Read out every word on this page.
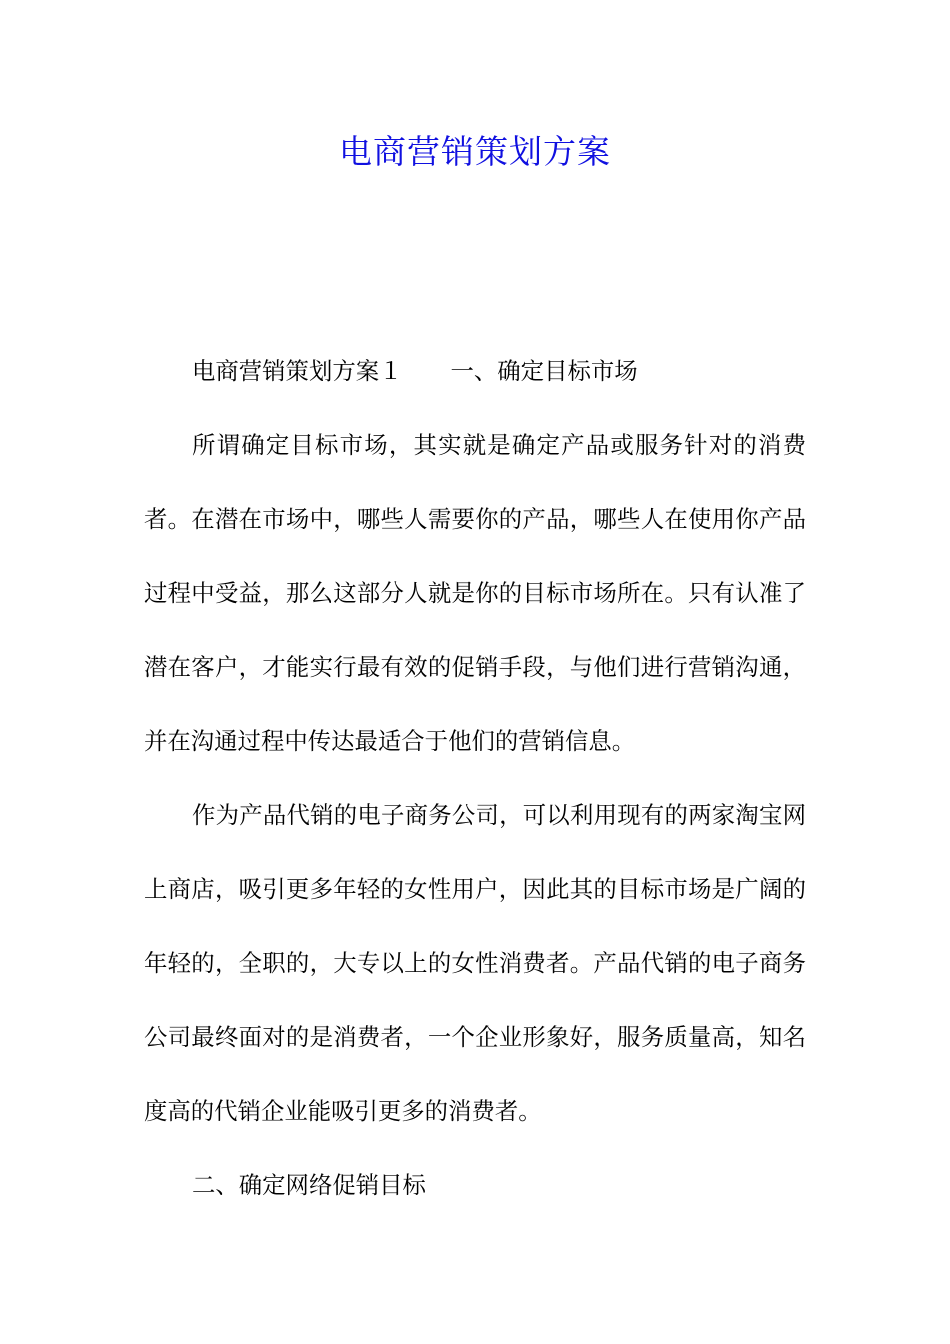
电商营销策划方案

电商营销策划方案１ 一、确定目标市场

所谓确定目标市场，其实就是确定产品或服务针对的消费者。在潜在市场中，哪些人需要你的产品，哪些人在使用你产品过程中受益，那么这部分人就是你的目标市场所在。只有认准了潜在客户，才能实行最有效的促销手段，与他们进行营销沟通，并在沟通过程中传达最适合于他们的营销信息。

作为产品代销的电子商务公司，可以利用现有的两家淘宝网上商店，吸引更多年轻的女性用户，因此其的目标市场是广阔的年轻的，全职的，大专以上的女性消费者。产品代销的电子商务公司最终面对的是消费者，一个企业形象好，服务质量高，知名度高的代销企业能吸引更多的消费者。

二、确定网络促销目标
